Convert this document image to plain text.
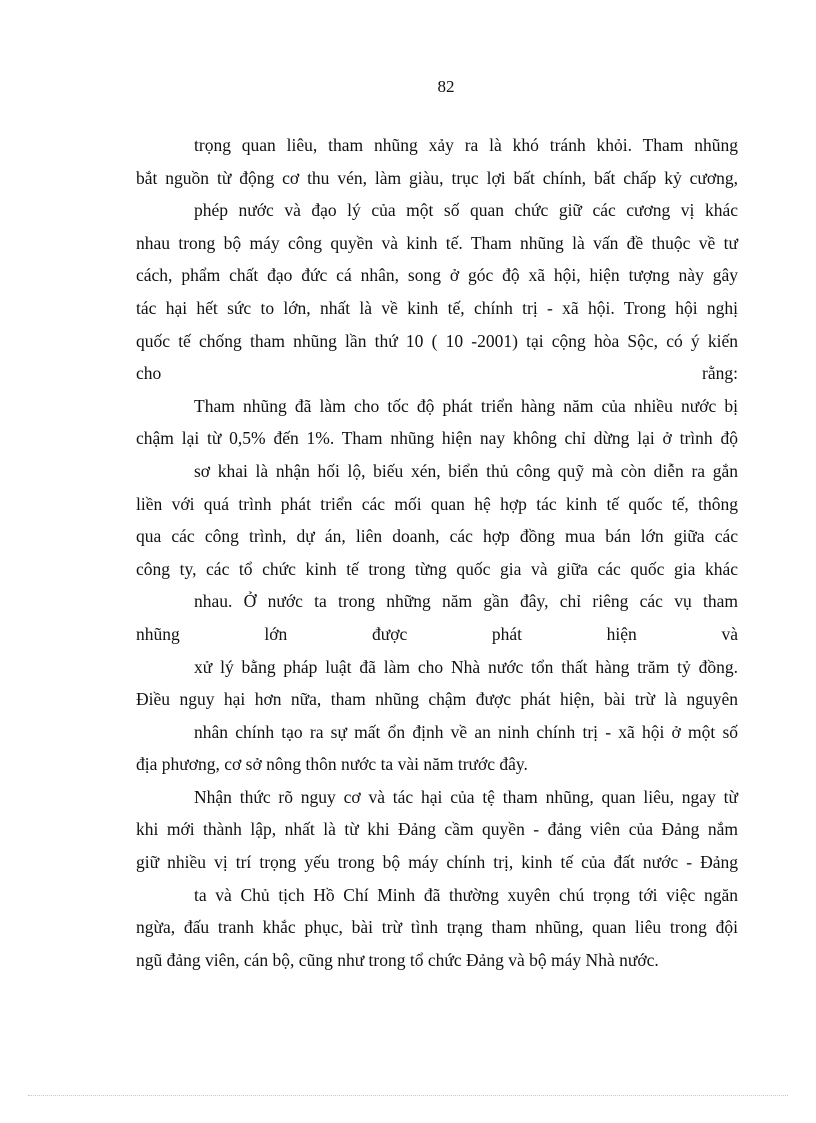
82
trọng quan liêu, tham nhũng xảy ra là khó tránh khỏi. Tham nhũng
bắt nguồn từ động cơ thu vén, làm giàu, trục lợi bất chính, bất chấp kỷ cương,
phép nước và đạo lý của một số quan chức giữ các cương vị khác
nhau trong bộ máy công quyền và kinh tế. Tham nhũng là vấn đề thuộc về tư
cách, phẩm chất đạo đức cá nhân, song ở góc độ xã hội, hiện tượng này gây
tác hại hết sức to lớn, nhất là về kinh tế, chính trị - xã hội. Trong hội nghị
quốc tế chống tham nhũng lần thứ 10 ( 10 -2001) tại cộng hòa Sộc, có ý kiến
cho rằng:
Tham nhũng đã làm cho tốc độ phát triển hàng năm của nhiều nước bị
chậm lại từ 0,5% đến 1%. Tham nhũng hiện nay không chỉ dừng lại ở trình độ
sơ khai là nhận hối lộ, biếu xén, biển thủ công quỹ mà còn diễn ra gắn
liền với quá trình phát triển các mối quan hệ hợp tác kinh tế quốc tế, thông
qua các công trình, dự án, liên doanh, các hợp đồng mua bán lớn giữa các
công ty, các tổ chức kinh tế trong từng quốc gia và giữa các quốc gia khác
nhau. Ở nước ta trong những năm gần đây, chỉ riêng các vụ tham
nhũng lớn được phát hiện và
xử lý bằng pháp luật đã làm cho Nhà nước tổn thất hàng trăm tỷ đồng.
Điều nguy hại hơn nữa, tham nhũng chậm được phát hiện, bài trừ là nguyên
nhân chính tạo ra sự mất ổn định về an ninh chính trị - xã hội ở một số
địa phương, cơ sở nông thôn nước ta vài năm trước đây.
Nhận thức rõ nguy cơ và tác hại của tệ tham nhũng, quan liêu, ngay từ
khi mới thành lập, nhất là từ khi Đảng cầm quyền - đảng viên của Đảng nắm
giữ nhiều vị trí trọng yếu trong bộ máy chính trị, kinh tế của đất nước - Đảng
ta và Chủ tịch Hồ Chí Minh đã thường xuyên chú trọng tới việc ngăn
ngừa, đấu tranh khắc phục, bài trừ tình trạng tham nhũng, quan liêu trong đội
ngũ đảng viên, cán bộ, cũng như trong tổ chức Đảng và bộ máy Nhà nước.
